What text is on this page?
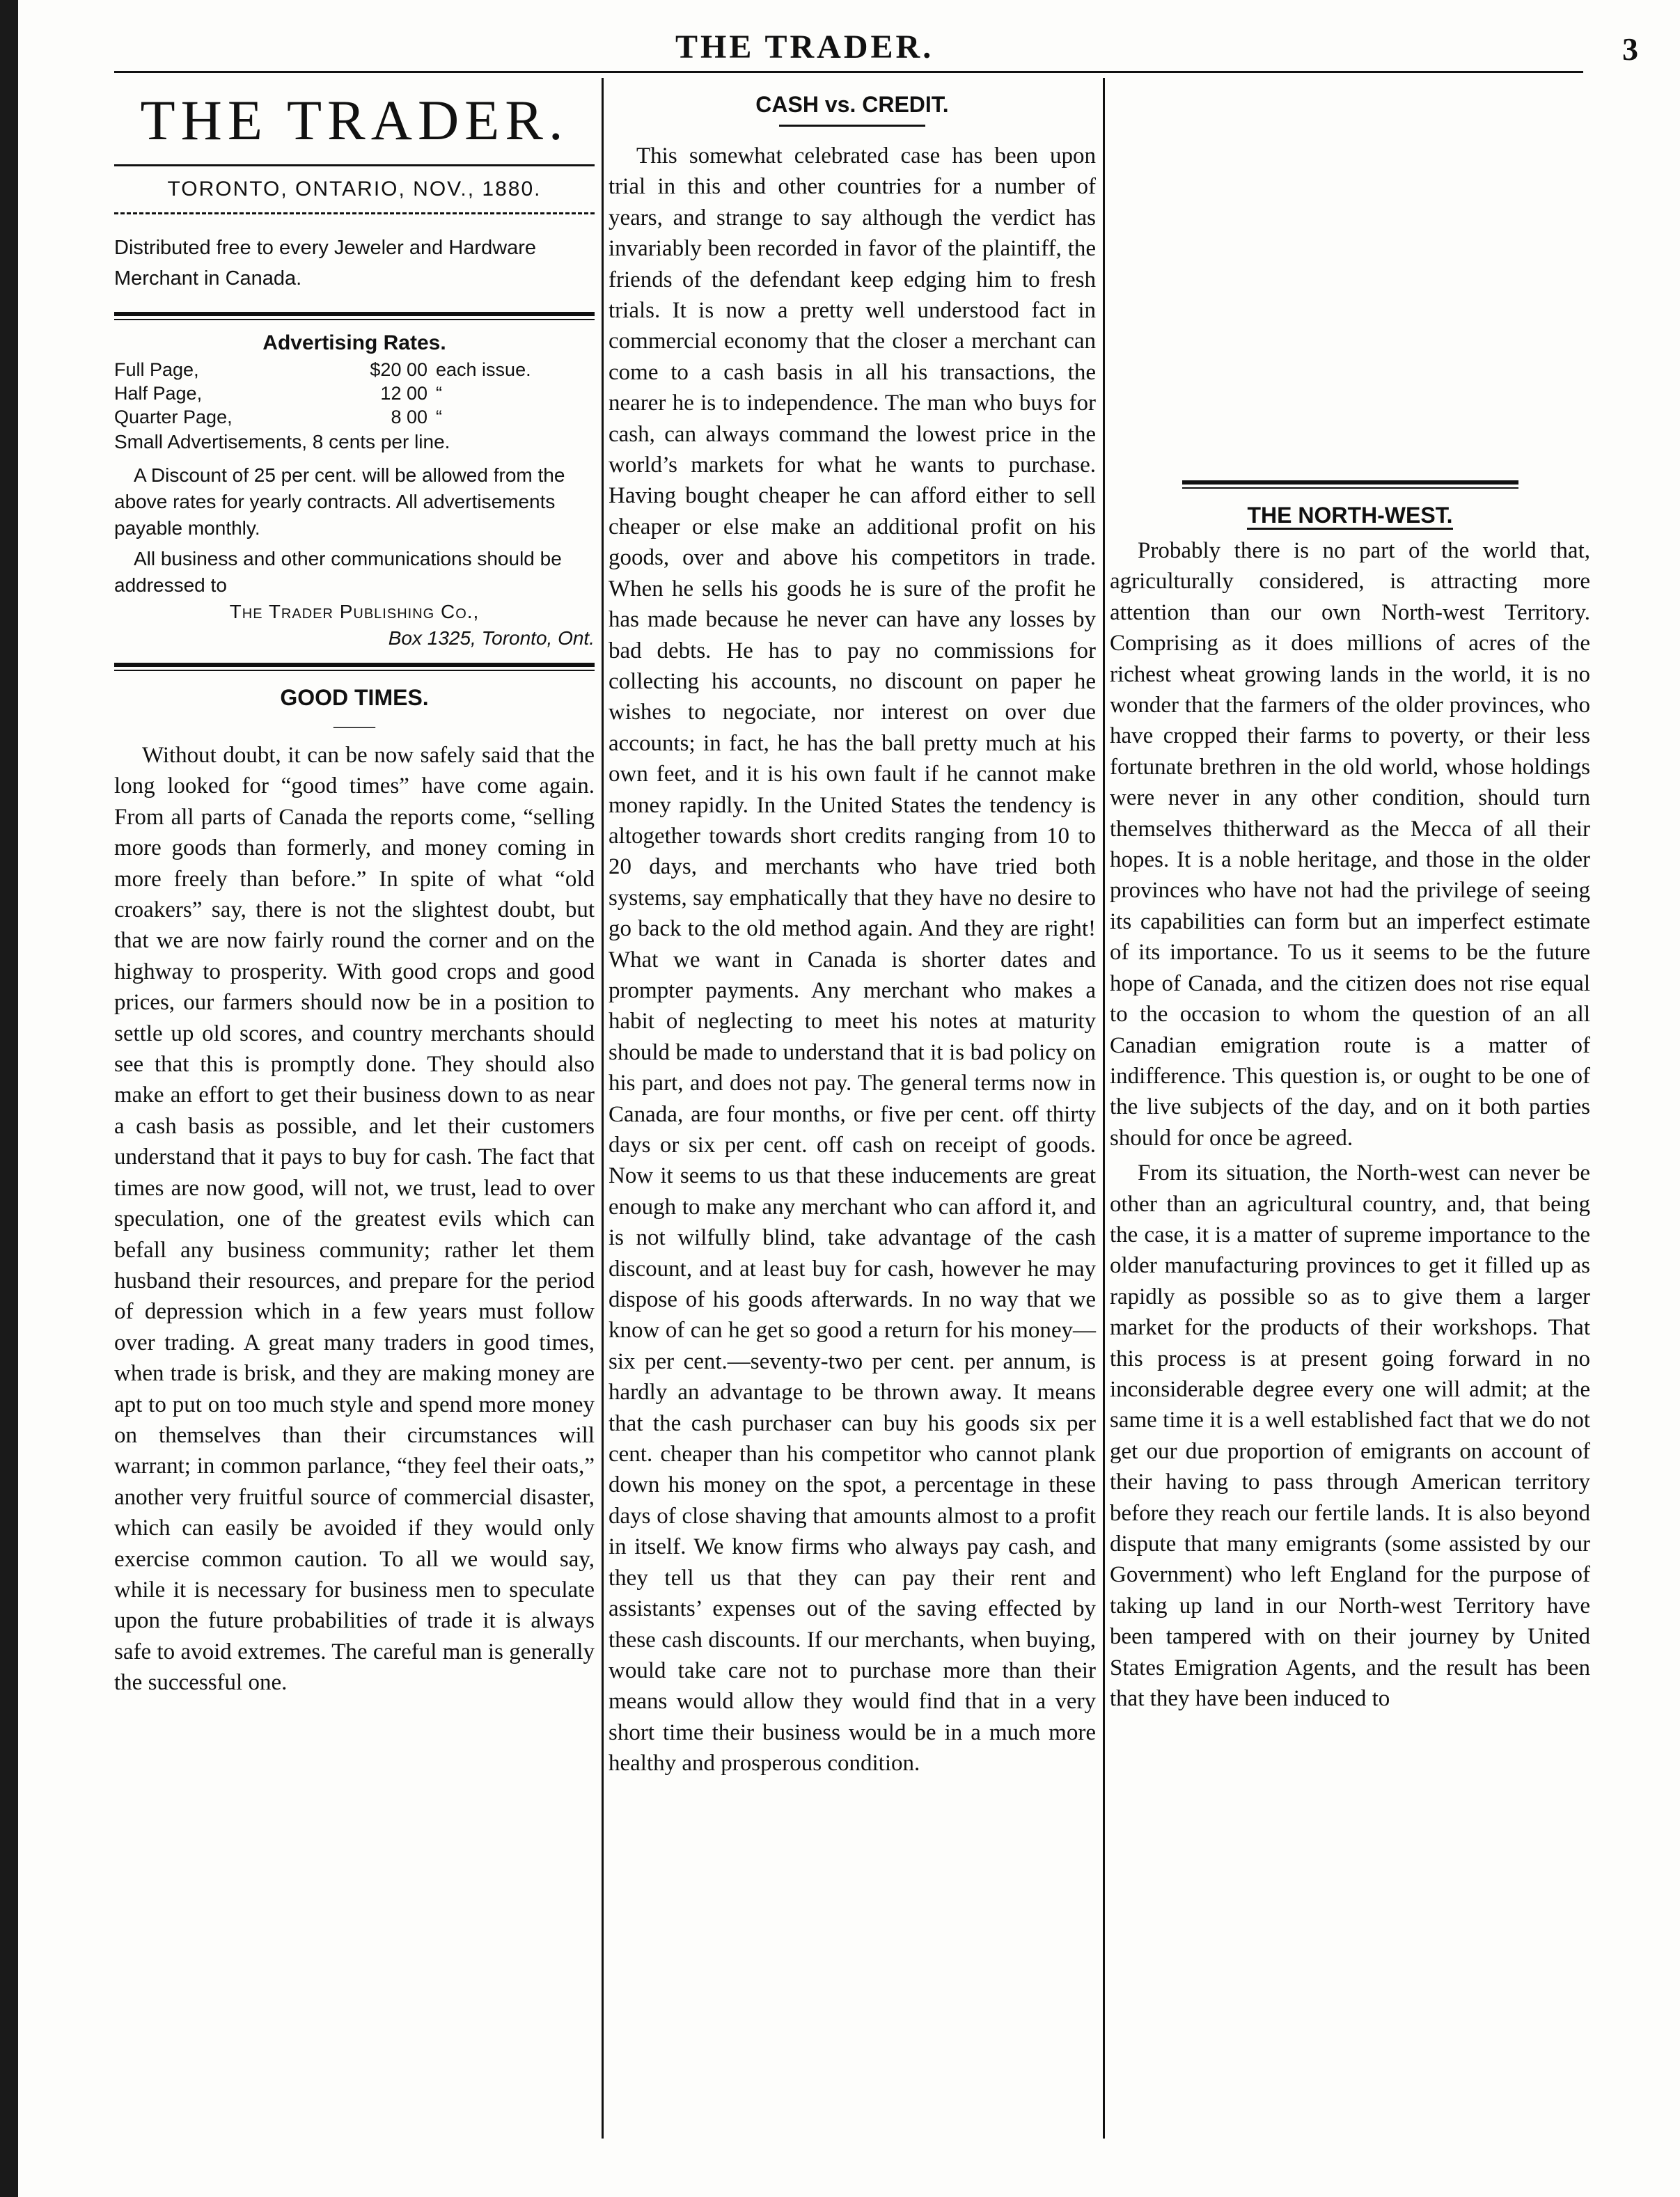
THE TRADER.	3
THE TRADER.
TORONTO, ONTARIO, NOV., 1880.
Distributed free to every Jeweler and Hardware Merchant in Canada.
Advertising Rates.
Full Page,	$20 00 each issue.
Half Page,	12 00 “
Quarter Page,	8 00 “
Small Advertisements, 8 cents per line.
A Discount of 25 per cent. will be allowed from the above rates for yearly contracts. All advertisements payable monthly.
All business and other communications should be addressed to
The Trader Publishing Co.,
Box 1325, Toronto, Ont.
GOOD TIMES.
——

Without doubt, it can be now safely said that the long looked for “good times” have come again. From all parts of Canada the reports come, “selling more goods than formerly, and money coming in more freely than before.” In spite of what “old croakers” say, there is not the slightest doubt, but that we are now fairly round the corner and on the highway to prosperity. With good crops and good prices, our farmers should now be in a position to settle up old scores, and country merchants should see that this is promptly done. They should also make an effort to get their business down to as near a cash basis as possible, and let their customers understand that it pays to buy for cash. The fact that times are now good, will not, we trust, lead to over speculation, one of the greatest evils which can befall any business community; rather let them husband their resources, and prepare for the period of depression which in a few years must follow over trading. A great many traders in good times, when trade is brisk, and they are making money are apt to put on too much style and spend more money on themselves than their circumstances will warrant; in common parlance, “they feel their oats,” another very fruitful source of commercial disaster, which can easily be avoided if they would only exercise common caution. To all we would say, while it is necessary for business men to speculate upon the future probabilities of trade it is always safe to avoid extremes. The careful man is generally the successful one.

CASH vs. CREDIT.

This somewhat celebrated case has been upon trial in this and other countries for a number of years, and strange to say although the verdict has invariably been recorded in favor of the plaintiff, the friends of the defendant keep edging him to fresh trials. It is now a pretty well understood fact in commercial economy that the closer a merchant can come to a cash basis in all his transactions, the nearer he is to independence. The man who buys for cash, can always command the lowest price in the world’s markets for what he wants to purchase. Having bought cheaper he can afford either to sell cheaper or else make an additional profit on his goods, over and above his competitors in trade. When he sells his goods he is sure of the profit he has made because he never can have any losses by bad debts. He has to pay no commissions for collecting his accounts, no discount on paper he wishes to negociate, nor interest on over due accounts; in fact, he has the ball pretty much at his own feet, and it is his own fault if he cannot make money rapidly. In the United States the tendency is altogether towards short credits ranging from 10 to 20 days, and merchants who have tried both systems, say emphatically that they have no desire to go back to the old method again. And they are right! What we want in Canada is shorter dates and prompter payments. Any merchant who makes a habit of neglecting to meet his notes at maturity should be made to understand that it is bad policy on his part, and does not pay. The general terms now in Canada, are four months, or five per cent. off thirty days or six per cent. off cash on receipt of goods. Now it seems to us that these inducements are great enough to make any merchant who can afford it, and is not wilfully blind, take advantage of the cash discount, and at least buy for cash, however he may dispose of his goods afterwards. In no way that we know of can he get so good a return for his money—six per cent.—seventy-two per cent. per annum, is hardly an advantage to be thrown away. It means that the cash purchaser can buy his goods six per cent. cheaper than his competitor who cannot plank down his money on the spot, a percentage in these days of close shaving that amounts almost to a profit in itself. We know firms who always pay cash, and they tell us that they can pay their rent and assistants’ expenses out of the saving effected by these cash discounts. If our merchants, when buying, would take care not to purchase more than their means would allow they would find that in a very short time their business would be in a much more healthy and prosperous condition.

THE NORTH-WEST.

Probably there is no part of the world that, agriculturally considered, is attracting more attention than our own North-west Territory. Comprising as it does millions of acres of the richest wheat growing lands in the world, it is no wonder that the farmers of the older provinces, who have cropped their farms to poverty, or their less fortunate brethren in the old world, whose holdings were never in any other condition, should turn themselves thitherward as the Mecca of all their hopes. It is a noble heritage, and those in the older provinces who have not had the privilege of seeing its capabilities can form but an imperfect estimate of its importance. To us it seems to be the future hope of Canada, and the citizen does not rise equal to the occasion to whom the question of an all Canadian emigration route is a matter of indifference. This question is, or ought to be one of the live subjects of the day, and on it both parties should for once be agreed.

From its situation, the North-west can never be other than an agricultural country, and, that being the case, it is a matter of supreme importance to the older manufacturing provinces to get it filled up as rapidly as possible so as to give them a larger market for the products of their workshops. That this process is at present going forward in no inconsiderable degree every one will admit; at the same time it is a well established fact that we do not get our due proportion of emigrants on account of their having to pass through American territory before they reach our fertile lands. It is also beyond dispute that many emigrants (some assisted by our Government) who left England for the purpose of taking up land in our North-west Territory have been tampered with on their journey by United States Emigration Agents, and the result has been that they have been induced to
